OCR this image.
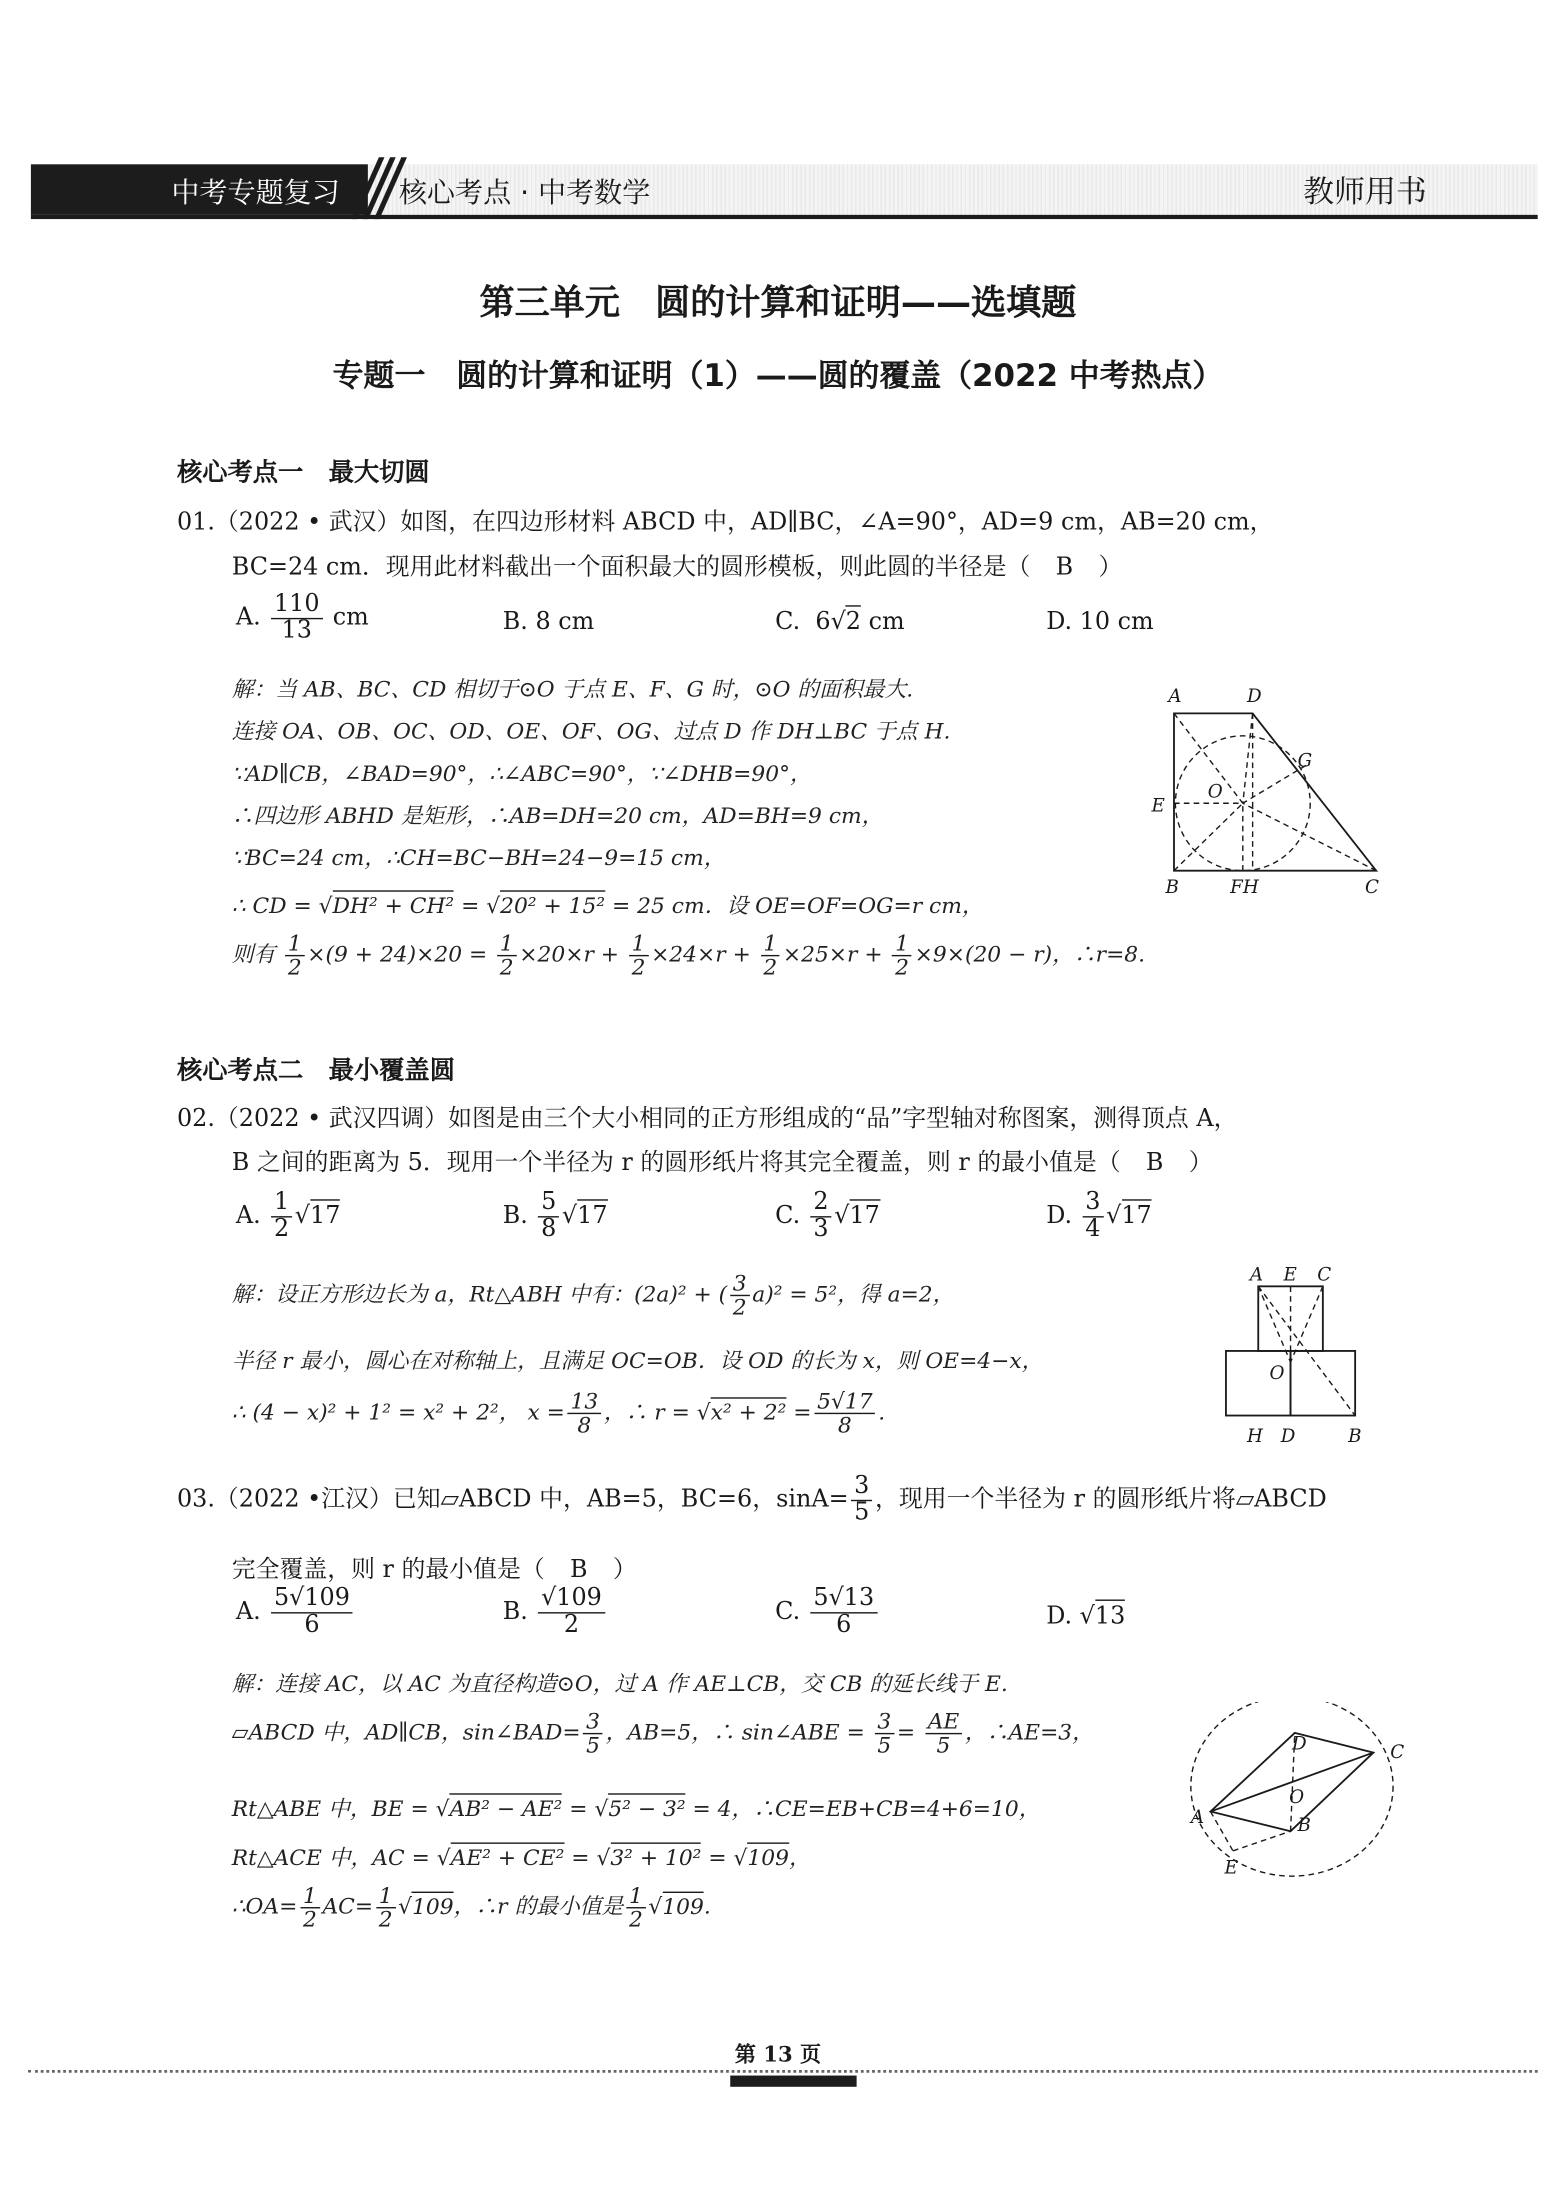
中考专题复习	核心考点 · 中考数学	教师用书
第三单元　圆的计算和证明——选填题
专题一　圆的计算和证明（1）——圆的覆盖（2022 中考热点）
核心考点一　最大切圆
01.（2022 • 武汉）如图，在四边形材料 ABCD 中，AD∥BC，∠A=90°，AD=9 cm，AB=20 cm，
BC=24 cm．现用此材料截出一个面积最大的圆形模板，则此圆的半径是（ B ）
A. $\frac{110}{13}$ cm	B. 8 cm	C. 6√2 cm	D. 10 cm
解：当 AB、BC、CD 相切于⊙O 于点 E、F、G 时，⊙O 的面积最大.
连接 OA、OB、OC、OD、OE、OF、OG、过点 D 作 DH⊥BC 于点 H.
∵AD∥CB，∠BAD=90°，∴∠ABC=90°，∵∠DHB=90°，
∴四边形 ABHD 是矩形，∴AB=DH=20 cm，AD=BH=9 cm，
∵BC=24 cm，∴CH=BC−BH=24−9=15 cm，
∴ CD = √DH² + CH² = √20² + 15² = 25 cm．设 OE=OF=OG=r cm，
则有 $\frac{1}{2} \times(9 + 24)\times 20 = \frac{1}{2} \times 20\times r + \frac{1}{2} \times 24\times r + \frac{1}{2} \times 25\times r + \frac{1}{2} \times 9\times(20 - r)$，∴r=8.
A	D
G
E
O
B	FH	C
核心考点二　最小覆盖圆
02.（2022 • 武汉四调）如图是由三个大小相同的正方形组成的“品”字型轴对称图案，测得顶点 A，
B 之间的距离为 5．现用一个半径为 r 的圆形纸片将其完全覆盖，则 r 的最小值是（ B ）
A. $\frac{1}{2} √17$	B. $\frac{5}{8} √17$	C. $\frac{2}{3} √17$	D. $\frac{3}{4} √17$
解：设正方形边长为 a，Rt△ABH 中有：(2a)² + ( $\frac{3}{2} a)^2 = 5^2$，得 a=2，
半径 r 最小，圆心在对称轴上，且满足 OC=OB．设 OD 的长为 x，则 OE=4−x，
∴ (4 − x)² + 1² = x² + 2²， $x = \frac{13}{8}$ ，∴ $r = √x^2 + 2^2 = \frac{5√17}{8}$ .
A E C
O
H D	B
03.（2022 •江汉）已知▱ABCD 中，AB=5，BC=6，$\sin A= \frac{3}{5}$ ，现用一个半径为 r 的圆形纸片将▱ABCD
完全覆盖，则 r 的最小值是（ B ）
A. $\frac{5√109}{6}$	B. $\frac{√109}{2}$	C. $\frac{5√13}{6}$	D. √13
解：连接 AC，以 AC 为直径构造⊙O，过 A 作 AE⊥CB，交 CB 的延长线于 E.
▱ABCD 中，AD∥CB，sin∠BAD= $\frac{3}{5}$ ，AB=5，∴ sin∠ABE = $\frac{3}{5} = \frac{AE}{5}$ ，∴AE=3，
Rt△ABE 中，BE = √AB² − AE² = √5² − 3² = 4，∴CE=EB+CB=4+6=10，
Rt△ACE 中，AC = √AE² + CE² = √3² + 10² = √109，
∴OA= $\frac{1}{2} AC= \frac{1}{2} √109$，∴r 的最小值是 $\frac{1}{2} √109$.
D	C
A
O
B
E
第 13 页
